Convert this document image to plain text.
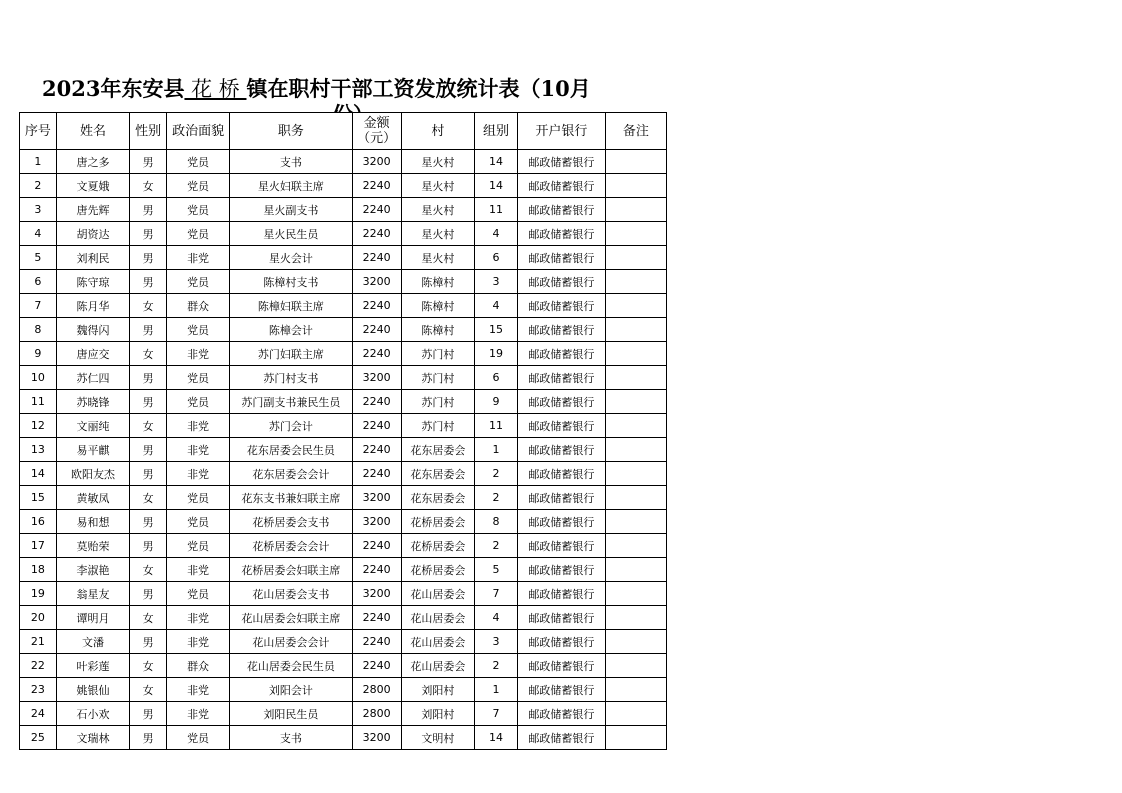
2023年东安县 花 桥 镇在职村干部工资发放统计表（10月
序号	姓名	性别	政治面貌	职务	金额（元）	村	组别	开户银行	备注
1	唐之多	男	党员	支书	3200	星火村	14	邮政储蓄银行	
2	文夏娥	女	党员	星火妇联主席	2240	星火村	14	邮政储蓄银行	
3	唐先辉	男	党员	星火副支书	2240	星火村	11	邮政储蓄银行	
4	胡资达	男	党员	星火民生员	2240	星火村	4	邮政储蓄银行	
5	刘利民	男	非党	星火会计	2240	星火村	6	邮政储蓄银行	
6	陈守琼	男	党员	陈樟村支书	3200	陈樟村	3	邮政储蓄银行	
7	陈月华	女	群众	陈樟妇联主席	2240	陈樟村	4	邮政储蓄银行	
8	魏得闪	男	党员	陈樟会计	2240	陈樟村	15	邮政储蓄银行	
9	唐应交	女	非党	苏门妇联主席	2240	苏门村	19	邮政储蓄银行	
10	苏仁四	男	党员	苏门村支书	3200	苏门村	6	邮政储蓄银行	
11	苏晓锋	男	党员	苏门副支书兼民生员	2240	苏门村	9	邮政储蓄银行	
12	文丽纯	女	非党	苏门会计	2240	苏门村	11	邮政储蓄银行	
13	易平麒	男	非党	花东居委会民生员	2240	花东居委会	1	邮政储蓄银行	
14	欧阳友杰	男	非党	花东居委会会计	2240	花东居委会	2	邮政储蓄银行	
15	黄敏凤	女	党员	花东支书兼妇联主席	3200	花东居委会	2	邮政储蓄银行	
16	易和想	男	党员	花桥居委会支书	3200	花桥居委会	8	邮政储蓄银行	
17	莫贻荣	男	党员	花桥居委会会计	2240	花桥居委会	2	邮政储蓄银行	
18	李淑艳	女	非党	花桥居委会妇联主席	2240	花桥居委会	5	邮政储蓄银行	
19	翁星友	男	党员	花山居委会支书	3200	花山居委会	7	邮政储蓄银行	
20	谭明月	女	非党	花山居委会妇联主席	2240	花山居委会	4	邮政储蓄银行	
21	文潘	男	非党	花山居委会会计	2240	花山居委会	3	邮政储蓄银行	
22	叶彩莲	女	群众	花山居委会民生员	2240	花山居委会	2	邮政储蓄银行	
23	姚银仙	女	非党	刘阳会计	2800	刘阳村	1	邮政储蓄银行	
24	石小欢	男	非党	刘阳民生员	2800	刘阳村	7	邮政储蓄银行	
25	文瑞林	男	党员	支书	3200	文明村	14	邮政储蓄银行	
